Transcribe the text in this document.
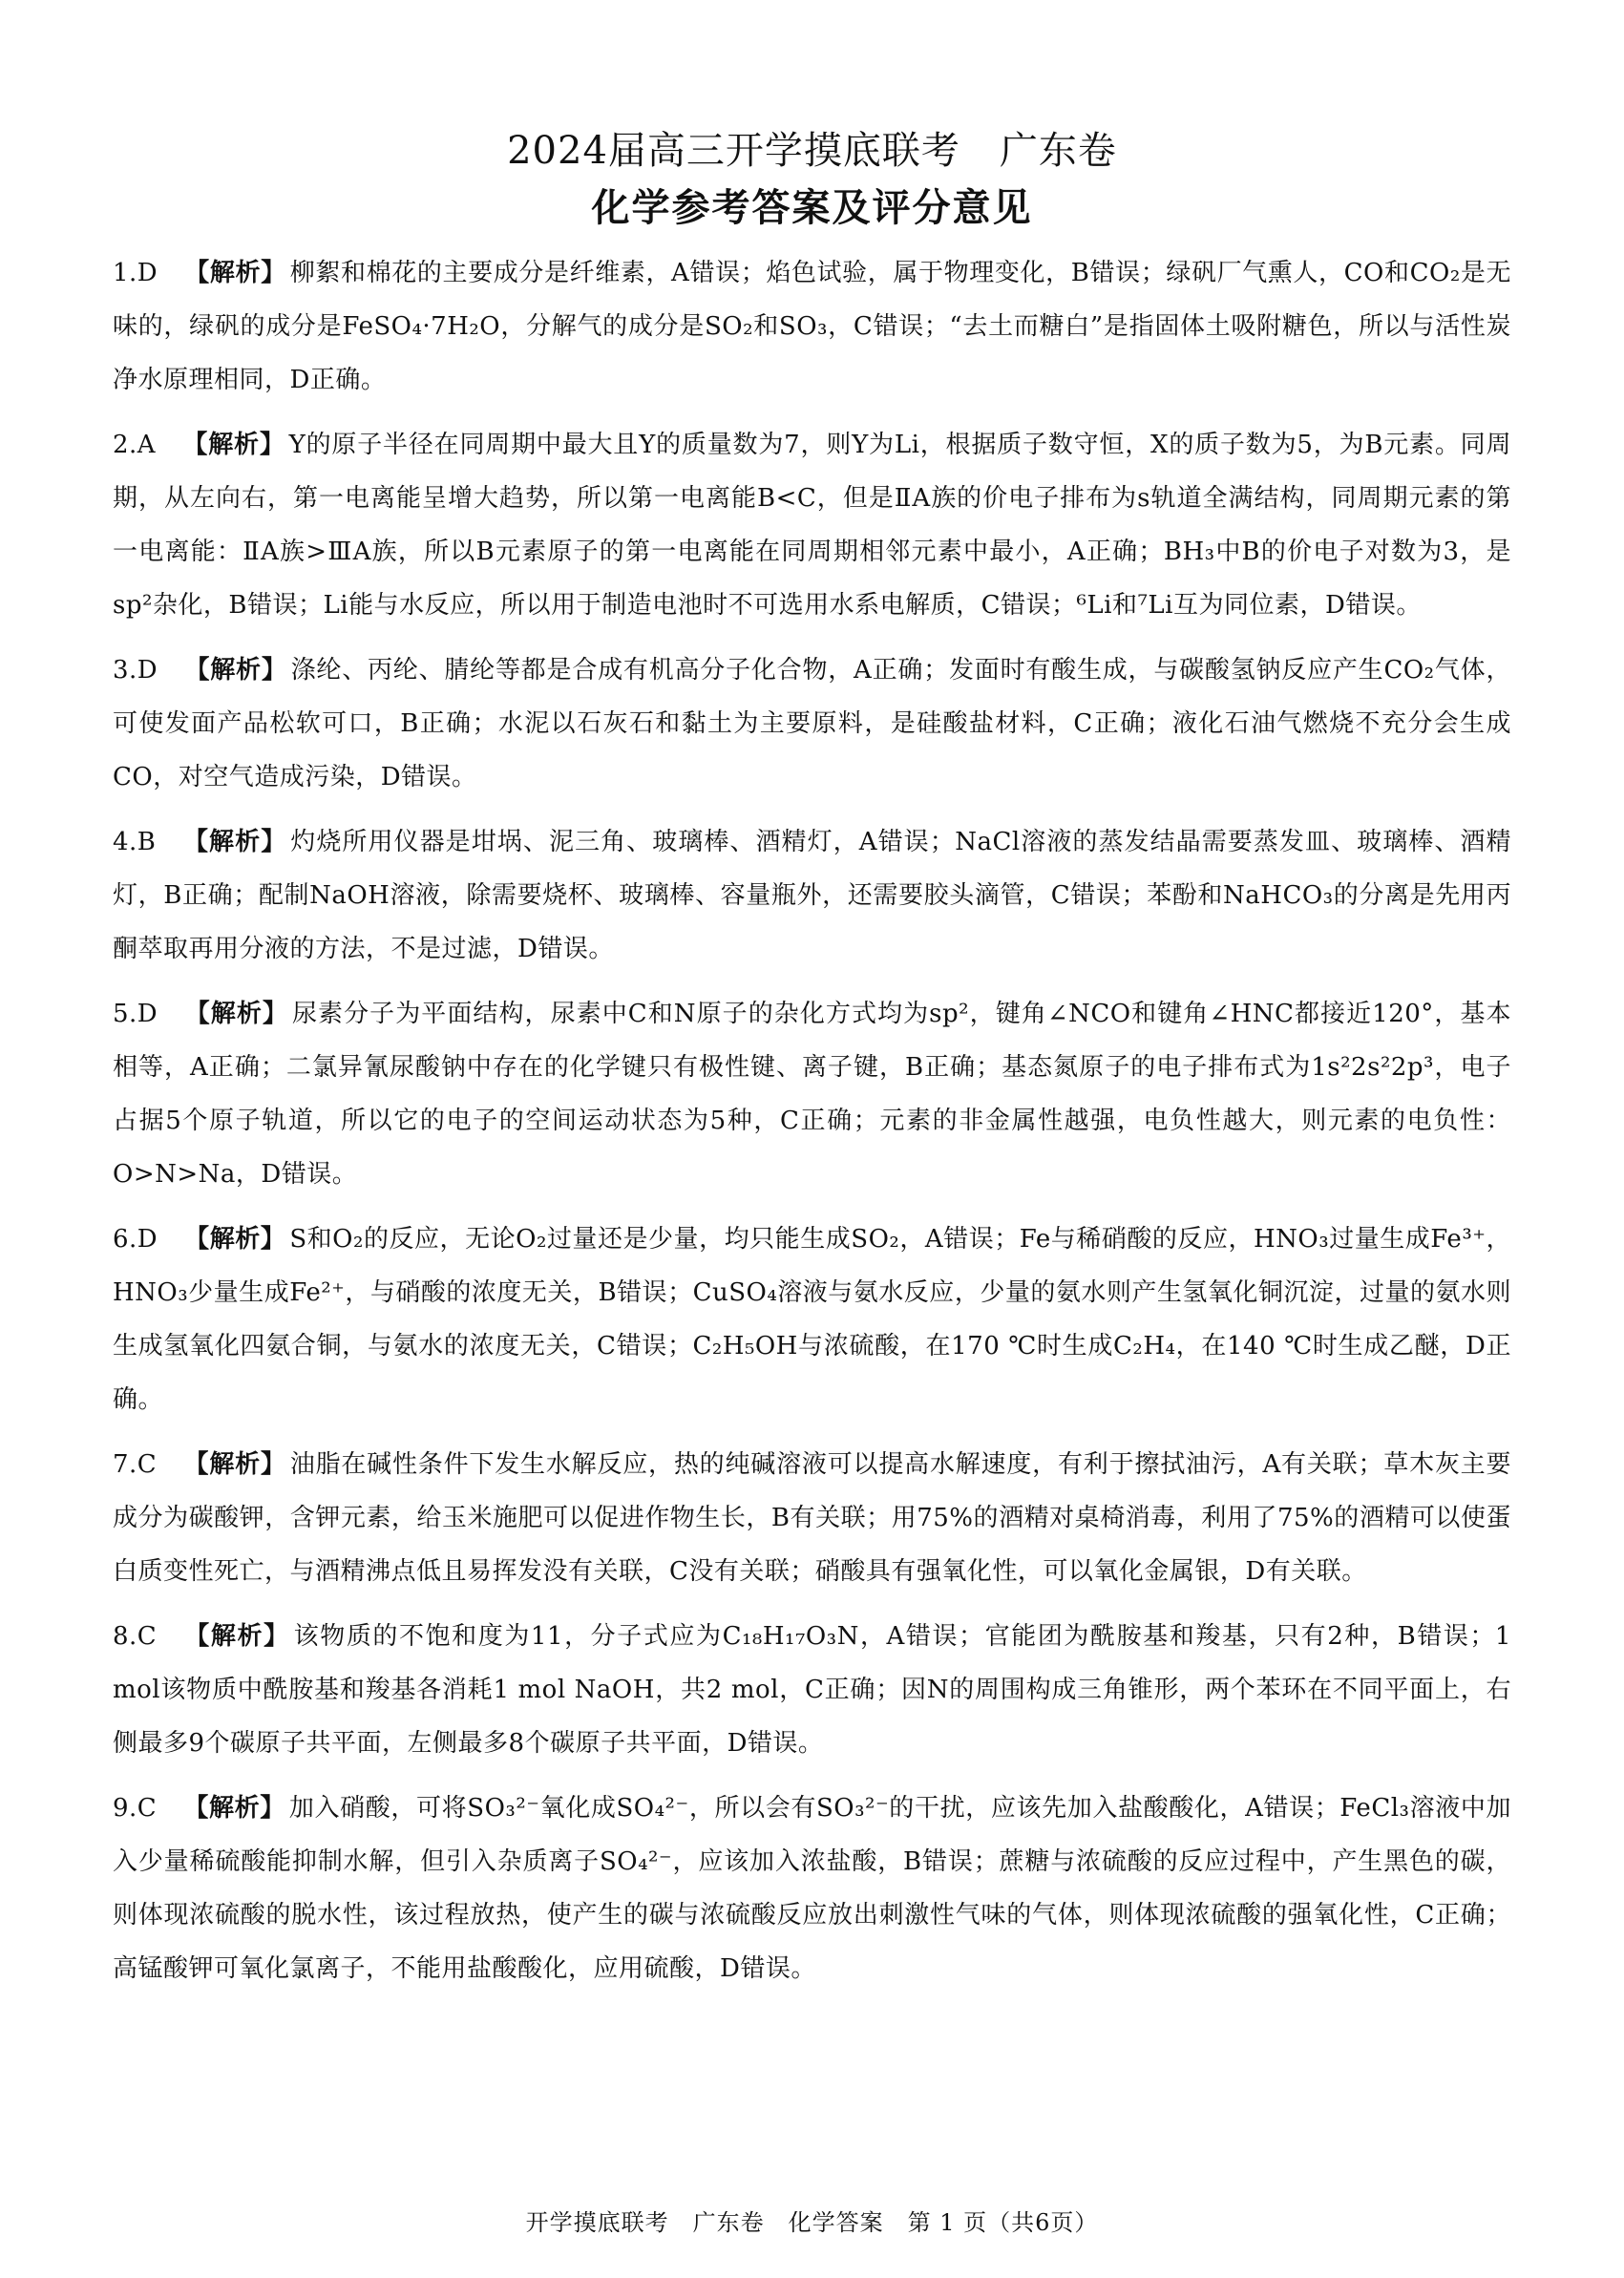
2024届高三开学摸底联考　广东卷
化学参考答案及评分意见

1.D 【解析】 柳絮和棉花的主要成分是纤维素，A错误；焰色试验，属于物理变化，B错误；绿矾厂气熏人，CO和CO₂是无味的，绿矾的成分是FeSO₄·7H₂O，分解气的成分是SO₂和SO₃，C错误；“去土而糖白”是指固体土吸附糖色，所以与活性炭净水原理相同，D正确。

2.A 【解析】 Y的原子半径在同周期中最大且Y的质量数为7，则Y为Li，根据质子数守恒，X的质子数为5，为B元素。同周期，从左向右，第一电离能呈增大趋势，所以第一电离能B<C，但是ⅡA族的价电子排布为s轨道全满结构，同周期元素的第一电离能：ⅡA族>ⅢA族，所以B元素原子的第一电离能在同周期相邻元素中最小，A正确；BH₃中B的价电子对数为3，是sp²杂化，B错误；Li能与水反应，所以用于制造电池时不可选用水系电解质，C错误；⁶Li和⁷Li互为同位素，D错误。

3.D 【解析】 涤纶、丙纶、腈纶等都是合成有机高分子化合物，A正确；发面时有酸生成，与碳酸氢钠反应产生CO₂气体，可使发面产品松软可口，B正确；水泥以石灰石和黏土为主要原料，是硅酸盐材料，C正确；液化石油气燃烧不充分会生成CO，对空气造成污染，D错误。

4.B 【解析】 灼烧所用仪器是坩埚、泥三角、玻璃棒、酒精灯，A错误；NaCl溶液的蒸发结晶需要蒸发皿、玻璃棒、酒精灯，B正确；配制NaOH溶液，除需要烧杯、玻璃棒、容量瓶外，还需要胶头滴管，C错误；苯酚和NaHCO₃的分离是先用丙酮萃取再用分液的方法，不是过滤，D错误。

5.D 【解析】 尿素分子为平面结构，尿素中C和N原子的杂化方式均为sp²，键角∠NCO和键角∠HNC都接近120°，基本相等，A正确；二氯异氰尿酸钠中存在的化学键只有极性键、离子键，B正确；基态氮原子的电子排布式为1s²2s²2p³，电子占据5个原子轨道，所以它的电子的空间运动状态为5种，C正确；元素的非金属性越强，电负性越大，则元素的电负性：O>N>Na，D错误。

6.D 【解析】 S和O₂的反应，无论O₂过量还是少量，均只能生成SO₂，A错误；Fe与稀硝酸的反应，HNO₃过量生成Fe³⁺，HNO₃少量生成Fe²⁺，与硝酸的浓度无关，B错误；CuSO₄溶液与氨水反应，少量的氨水则产生氢氧化铜沉淀，过量的氨水则生成氢氧化四氨合铜，与氨水的浓度无关，C错误；C₂H₅OH与浓硫酸，在170 ℃时生成C₂H₄，在140 ℃时生成乙醚，D正确。

7.C 【解析】 油脂在碱性条件下发生水解反应，热的纯碱溶液可以提高水解速度，有利于擦拭油污，A有关联；草木灰主要成分为碳酸钾，含钾元素，给玉米施肥可以促进作物生长，B有关联；用75%的酒精对桌椅消毒，利用了75%的酒精可以使蛋白质变性死亡，与酒精沸点低且易挥发没有关联，C没有关联；硝酸具有强氧化性，可以氧化金属银，D有关联。

8.C 【解析】 该物质的不饱和度为11，分子式应为C₁₈H₁₇O₃N，A错误；官能团为酰胺基和羧基，只有2种，B错误；1 mol该物质中酰胺基和羧基各消耗1 mol NaOH，共2 mol，C正确；因N的周围构成三角锥形，两个苯环在不同平面上，右侧最多9个碳原子共平面，左侧最多8个碳原子共平面，D错误。

9.C 【解析】 加入硝酸，可将SO₃²⁻氧化成SO₄²⁻，所以会有SO₃²⁻的干扰，应该先加入盐酸酸化，A错误；FeCl₃溶液中加入少量稀硫酸能抑制水解，但引入杂质离子SO₄²⁻，应该加入浓盐酸，B错误；蔗糖与浓硫酸的反应过程中，产生黑色的碳，则体现浓硫酸的脱水性，该过程放热，使产生的碳与浓硫酸反应放出刺激性气味的气体，则体现浓硫酸的强氧化性，C正确；高锰酸钾可氧化氯离子，不能用盐酸酸化，应用硫酸，D错误。

开学摸底联考　广东卷　化学答案　第 1 页（共6页）
